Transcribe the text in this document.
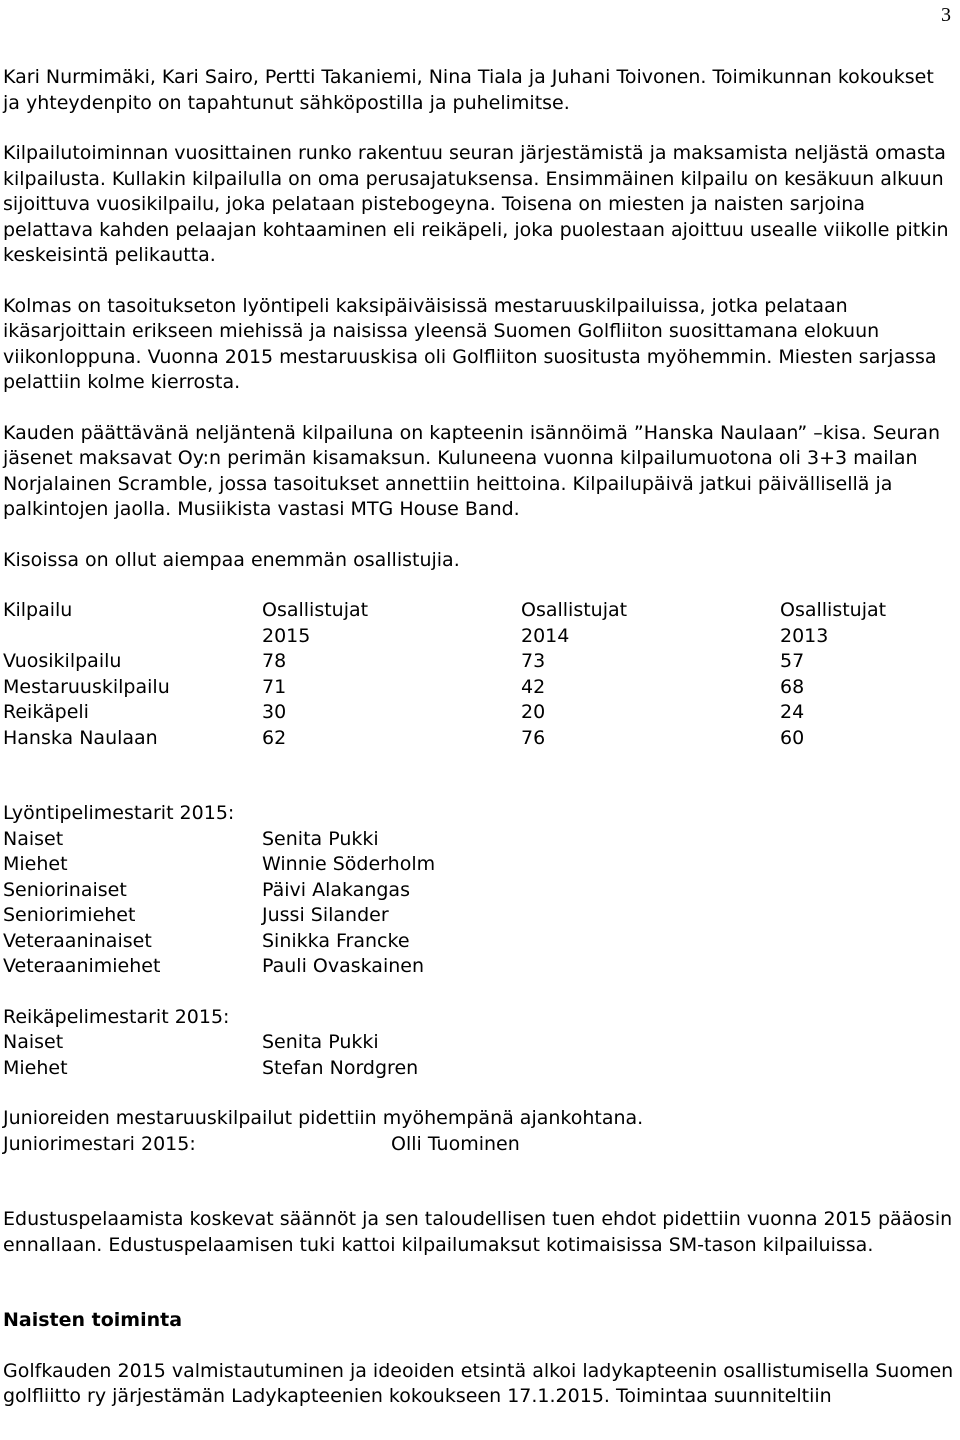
3

Kari Nurmimäki, Kari Sairo, Pertti Takaniemi, Nina Tiala ja Juhani Toivonen. Toimikunnan kokoukset ja yhteydenpito on tapahtunut sähköpostilla ja puhelimitse.

Kilpailutoiminnan vuosittainen runko rakentuu seuran järjestämistä ja maksamista neljästä omasta kilpailusta. Kullakin kilpailulla on oma perusajatuksensa. Ensimmäinen kilpailu on kesäkuun alkuun sijoittuva vuosikilpailu, joka pelataan pistebogeyna. Toisena on miesten ja naisten sarjoina pelattava kahden pelaajan kohtaaminen eli reikäpeli, joka puolestaan ajoittuu usealle viikolle pitkin keskeisintä pelikautta.

Kolmas on tasoitukseton lyöntipeli kaksipäiväisissä mestaruuskilpailuissa, jotka pelataan ikäsarjoittain erikseen miehissä ja naisissa yleensä Suomen Golfliiton suosittamana elokuun viikonloppuna. Vuonna 2015 mestaruuskisa oli Golfliiton suositusta myöhemmin. Miesten sarjassa pelattiin kolme kierrosta.

Kauden päättävänä neljäntenä kilpailuna on kapteenin isännöimä ”Hanska Naulaan” –kisa. Seuran jäsenet maksavat Oy:n perimän kisamaksun. Kuluneena vuonna kilpailumuotona oli 3+3 mailan Norjalainen Scramble, jossa tasoitukset annettiin heittoina. Kilpailupäivä jatkui päivällisellä ja palkintojen jaolla. Musiikista vastasi MTG House Band.

Kisoissa on ollut aiempaa enemmän osallistujia.

Kilpailu	Osallistujat	Osallistujat	Osallistujat
	2015	2014	2013
Vuosikilpailu	78	73	57
Mestaruuskilpailu	71	42	68
Reikäpeli	30	20	24
Hanska Naulaan	62	76	60
Lyöntipelimestarit 2015:
Naiset	Senita Pukki
Miehet	Winnie Söderholm
Seniorinaiset	Päivi Alakangas
Seniorimiehet	Jussi Silander
Veteraaninaiset	Sinikka Francke
Veteraanimiehet	Pauli Ovaskainen
Reikäpelimestarit 2015:
Naiset	Senita Pukki
Miehet	Stefan Nordgren
Junioreiden mestaruuskilpailut pidettiin myöhempänä ajankohtana.
Juniorimestari 2015:	Olli Tuominen

Edustuspelaamista koskevat säännöt ja sen taloudellisen tuen ehdot pidettiin vuonna 2015 pääosin ennallaan. Edustuspelaamisen tuki kattoi kilpailumaksut kotimaisissa SM-tason kilpailuissa.

Naisten toiminta

Golfkauden 2015 valmistautuminen ja ideoiden etsintä alkoi ladykapteenin osallistumisella Suomen golfliitto ry järjestämän Ladykapteenien kokoukseen 17.1.2015. Toimintaa suunniteltiin
